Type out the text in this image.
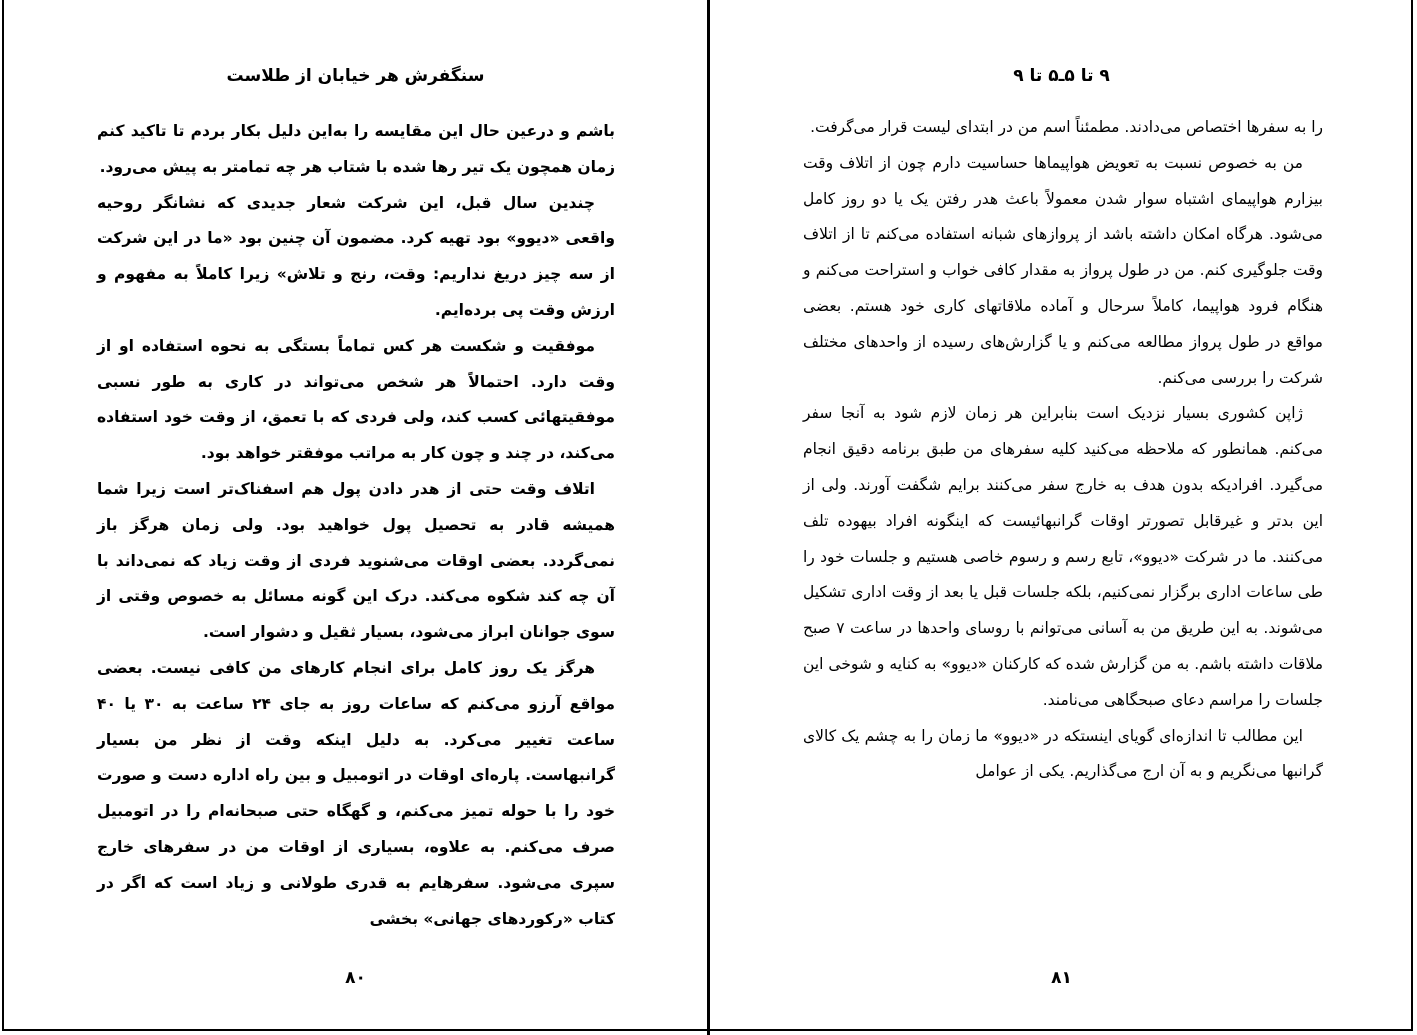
سنگفرش هر خیابان از طلاست

باشم و درعین حال این مقایسه را به‌این دلیل بکار بردم تا تاکید کنم زمان همچون یک تیر رها شده با شتاب هر چه تمامتر به پیش می‌رود.

چندین سال قبل، این شرکت شعار جدیدی که نشانگر روحیه واقعی «دیوو» بود تهیه کرد. مضمون آن چنین بود «ما در این شرکت از سه چیز دریغ نداریم: وقت، رنج و تلاش» زیرا کاملاً به مفهوم و ارزش وقت پی برده‌ایم.

موفقیت و شکست هر کس تماماً بستگی به نحوه استفاده او از وقت دارد. احتمالاً هر شخص می‌تواند در کاری به طور نسبی موفقیتهائی کسب کند، ولی فردی که با تعمق، از وقت خود استفاده می‌کند، در چند و چون کار به مراتب موفقتر خواهد بود.

اتلاف وقت حتی از هدر دادن پول هم اسفناک‌تر است زیرا شما همیشه قادر به تحصیل پول خواهید بود. ولی زمان هرگز باز نمی‌گردد. بعضی اوقات می‌شنوید فردی از وقت زیاد که نمی‌داند با آن چه کند شکوه می‌کند. درک این گونه مسائل به خصوص وقتی از سوی جوانان ابراز می‌شود، بسیار ثقیل و دشوار است.

هرگز یک روز کامل برای انجام کارهای من کافی نیست. بعضی مواقع آرزو می‌کنم که ساعات روز به جای ۲۴ ساعت به ۳۰ یا ۴۰ ساعت تغییر می‌کرد. به دلیل اینکه وقت از نظر من بسیار گرانبهاست. پاره‌ای اوقات در اتومبیل و بین راه اداره دست و صورت خود را با حوله تمیز می‌کنم، و گهگاه حتی صبحانه‌ام را در اتومبیل صرف می‌کنم. به علاوه، بسیاری از اوقات من در سفرهای خارج سپری می‌شود. سفرهایم به قدری طولانی و زیاد است که اگر در کتاب «رکوردهای جهانی» بخشی

۸۰
۹ تا ۵ـ۵ تا ۹

را به سفرها اختصاص می‌دادند. مطمئناً اسم من در ابتدای لیست قرار می‌گرفت.

من به خصوص نسبت به تعویض هواپیماها حساسیت دارم چون از اتلاف وقت بیزارم هواپیمای اشتباه سوار شدن معمولاً باعث هدر رفتن یک یا دو روز کامل می‌شود. هرگاه امکان داشته باشد از پروازهای شبانه استفاده می‌کنم تا از اتلاف وقت جلوگیری کنم. من در طول پرواز به مقدار کافی خواب و استراحت می‌کنم و هنگام فرود هواپیما، کاملاً سرحال و آماده ملاقاتهای کاری خود هستم. بعضی مواقع در طول پرواز مطالعه می‌کنم و یا گزارش‌های رسیده از واحدهای مختلف شرکت را بررسی می‌کنم.

ژاپن کشوری بسیار نزدیک است بنابراین هر زمان لازم شود به آنجا سفر می‌کنم. همانطور که ملاحظه می‌کنید کلیه سفرهای من طبق برنامه دقیق انجام می‌گیرد. افرادیکه بدون هدف به خارج سفر می‌کنند برایم شگفت آورند. ولی از این بدتر و غیرقابل تصورتر اوقات گرانبهائیست که اینگونه افراد بیهوده تلف می‌کنند. ما در شرکت «دیوو»، تابع رسم و رسوم خاصی هستیم و جلسات خود را طی ساعات اداری برگزار نمی‌کنیم، بلکه جلسات قبل یا بعد از وقت اداری تشکیل می‌شوند. به این طریق من به آسانی می‌توانم با روسای واحدها در ساعت ۷ صبح ملاقات داشته باشم. به من گزارش شده که کارکنان «دیوو» به کنایه و شوخی این جلسات را مراسم دعای صبحگاهی می‌نامند.

این مطالب تا اندازه‌ای گویای اینستکه در «دیوو» ما زمان را به چشم یک کالای گرانبها می‌نگریم و به آن ارج می‌گذاریم. یکی از عوامل

۸۱
